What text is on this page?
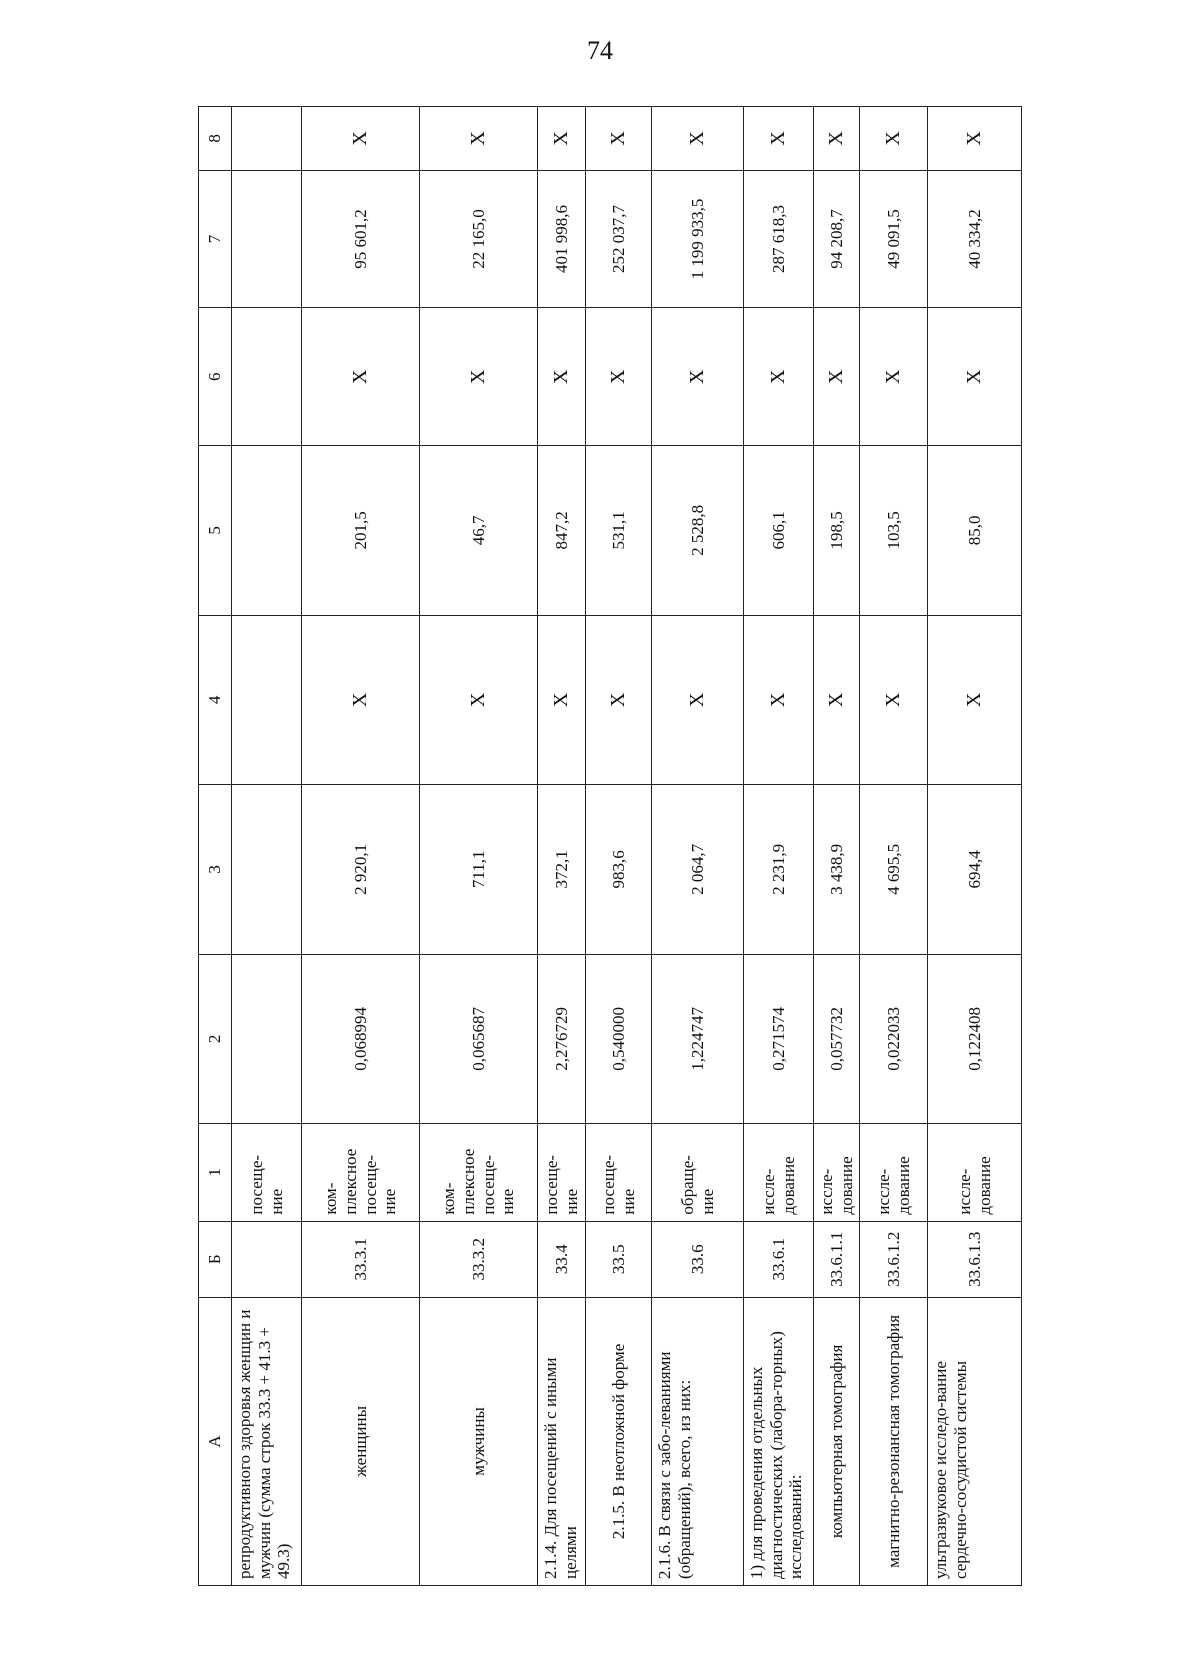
74
А	Б	1	2	3	4	5	6	7	8
репродуктивного здоровья женщин и мужчин (сумма строк 33.3 + 41.3 + 49.3)		посеще-ние							
женщины	33.3.1	ком-плексное посеще-ние	0,068994	2 920,1	X	201,5	X	95 601,2	X
мужчины	33.3.2	ком-плексное посеще-ние	0,065687	711,1	X	46,7	X	22 165,0	X
2.1.4. Для посещений с иными целями	33.4	посеще-ние	2,276729	372,1	X	847,2	X	401 998,6	X
2.1.5. В неотложной форме	33.5	посеще-ние	0,540000	983,6	X	531,1	X	252 037,7	X
2.1.6. В связи с забо-леваниями (обращений), всего, из них:	33.6	обраще-ние	1,224747	2 064,7	X	2 528,8	X	1 199 933,5	X
1) для проведения отдельных диагностических (лабора-торных) исследований:	33.6.1	иссле-дование	0,271574	2 231,9	X	606,1	X	287 618,3	X
компьютерная томография	33.6.1.1	иссле-дование	0,057732	3 438,9	X	198,5	X	94 208,7	X
магнитно-резонансная томография	33.6.1.2	иссле-дование	0,022033	4 695,5	X	103,5	X	49 091,5	X
ультразвуковое исследо-вание сердечно-сосудистой системы	33.6.1.3	иссле-дование	0,122408	694,4	X	85,0	X	40 334,2	X
